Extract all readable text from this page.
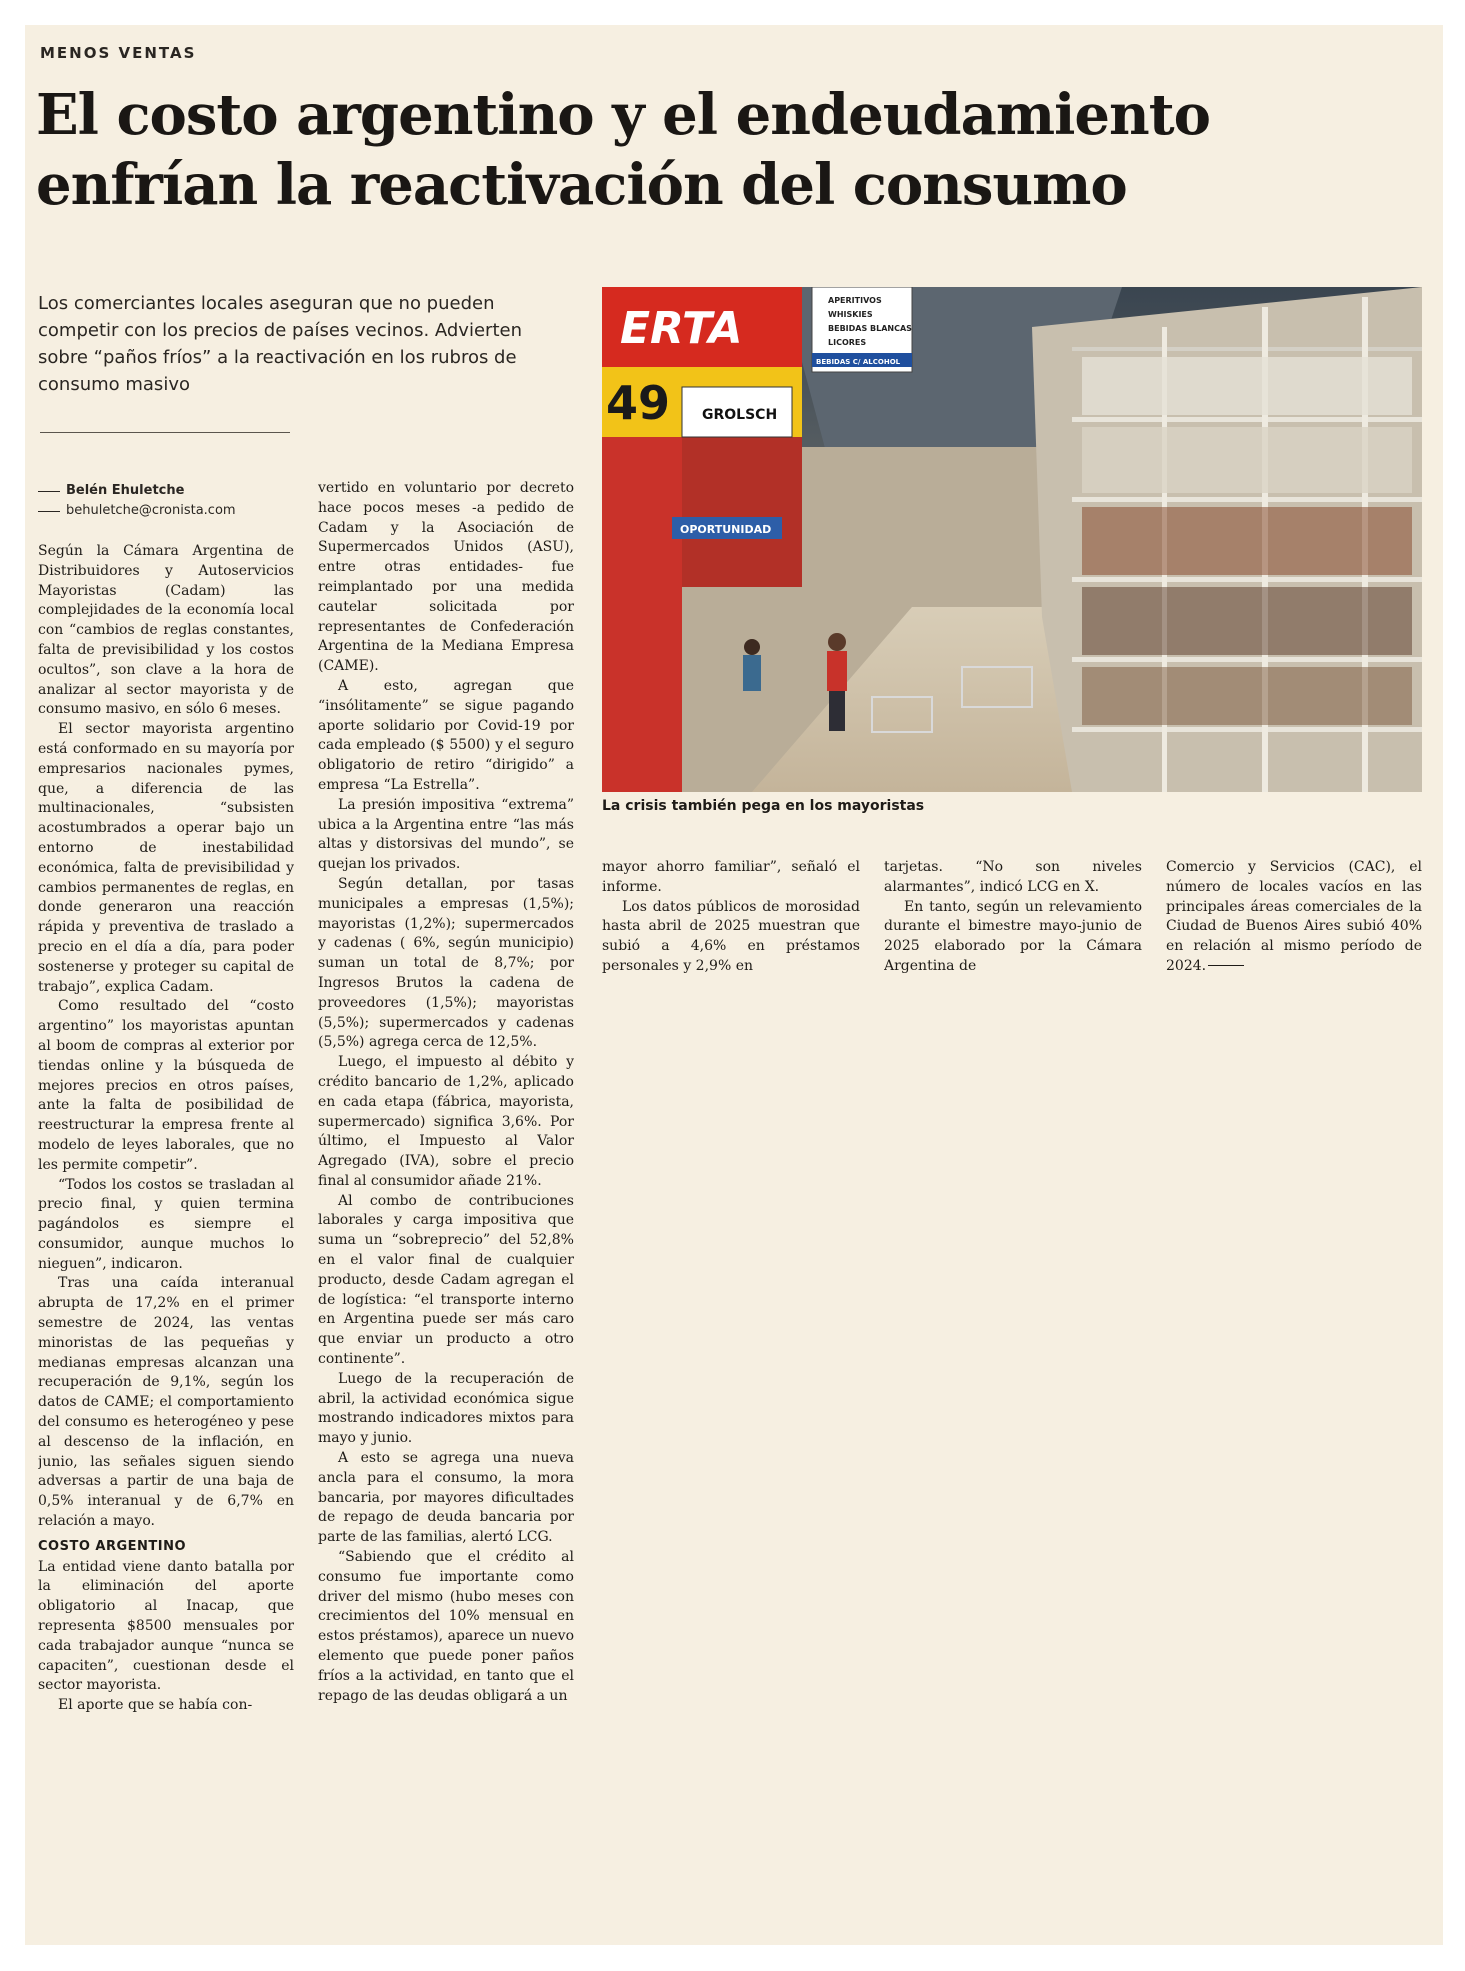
MENOS VENTAS
El costo argentino y el endeudamiento
enfrían la reactivación del consumo
Los comerciantes locales aseguran que no pueden competir con los precios de países vecinos. Advierten sobre “paños fríos” a la reactivación en los rubros de consumo masivo
Belén Ehuletche
behuletche@cronista.com

Según la Cámara Argentina de Distribuidores y Autoservicios Mayoristas (Cadam) las complejidades de la economía local con “cambios de reglas constantes, falta de previsibilidad y los costos ocultos”, son clave a la hora de analizar al sector mayorista y de consumo masivo, en sólo 6 meses.

El sector mayorista argentino está conformado en su mayoría por empresarios nacionales pymes, que, a diferencia de las multinacionales, “subsisten acostumbrados a operar bajo un entorno de inestabilidad económica, falta de previsibilidad y cambios permanentes de reglas, en donde generaron una reacción rápida y preventiva de traslado a precio en el día a día, para poder sostenerse y proteger su capital de trabajo”, explica Cadam.

Como resultado del “costo argentino” los mayoristas apuntan al boom de compras al exterior por tiendas online y la búsqueda de mejores precios en otros países, ante la falta de posibilidad de reestructurar la empresa frente al modelo de leyes laborales, que no les permite competir”.

“Todos los costos se trasladan al precio final, y quien termina pagándolos es siempre el consumidor, aunque muchos lo nieguen”, indicaron.

Tras una caída interanual abrupta de 17,2% en el primer semestre de 2024, las ventas minoristas de las pequeñas y medianas empresas alcanzan una recuperación de 9,1%, según los datos de CAME; el comportamiento del consumo es heterogéneo y pese al descenso de la inflación, en junio, las señales siguen siendo adversas a partir de una baja de 0,5% interanual y de 6,7% en relación a mayo.

COSTO ARGENTINO

La entidad viene danto batalla por la eliminación del aporte obligatorio al Inacap, que representa $8500 mensuales por cada trabajador aunque “nunca se capaciten”, cuestionan desde el sector mayorista.

El aporte que se había con-

vertido en voluntario por decreto hace pocos meses -a pedido de Cadam y la Asociación de Supermercados Unidos (ASU), entre otras entidades- fue reimplantado por una medida cautelar solicitada por representantes de Confederación Argentina de la Mediana Empresa (CAME).

A esto, agregan que “insólitamente” se sigue pagando aporte solidario por Covid-19 por cada empleado ($ 5500) y el seguro obligatorio de retiro “dirigido” a empresa “La Estrella”.

La presión impositiva “extrema” ubica a la Argentina entre “las más altas y distorsivas del mundo”, se quejan los privados.

Según detallan, por tasas municipales a empresas (1,5%); mayoristas (1,2%); supermercados y cadenas ( 6%, según municipio) suman un total de 8,7%; por Ingresos Brutos la cadena de proveedores (1,5%); mayoristas (5,5%); supermercados y cadenas (5,5%) agrega cerca de 12,5%.

Luego, el impuesto al débito y crédito bancario de 1,2%, aplicado en cada etapa (fábrica, mayorista, supermercado) significa 3,6%. Por último, el Impuesto al Valor Agregado (IVA), sobre el precio final al consumidor añade 21%.

Al combo de contribuciones laborales y carga impositiva que suma un “sobreprecio” del 52,8% en el valor final de cualquier producto, desde Cadam agregan el de logística: “el transporte interno en Argentina puede ser más caro que enviar un producto a otro continente”.

Luego de la recuperación de abril, la actividad económica sigue mostrando indicadores mixtos para mayo y junio.

A esto se agrega una nueva ancla para el consumo, la mora bancaria, por mayores dificultades de repago de deuda bancaria por parte de las familias, alertó LCG.

“Sabiendo que el crédito al consumo fue importante como driver del mismo (hubo meses con crecimientos del 10% mensual en estos préstamos), aparece un nuevo elemento que puede poner paños fríos a la actividad, en tanto que el repago de las deudas obligará a un

ERTA
49 GROLSCH
APERITIVOS
WHISKIES
BEBIDAS BLANCAS
LICORES
BEBIDAS C/ ALCOHOL
OPORTUNIDAD
La crisis también pega en los mayoristas

mayor ahorro familiar”, señaló el informe.

Los datos públicos de morosidad hasta abril de 2025 muestran que subió a 4,6% en préstamos personales y 2,9% en

tarjetas. “No son niveles alarmantes”, indicó LCG en X.

En tanto, según un relevamiento durante el bimestre mayo-junio de 2025 elaborado por la Cámara Argentina de

Comercio y Servicios (CAC), el número de locales vacíos en las principales áreas comerciales de la Ciudad de Buenos Aires subió 40% en relación al mismo período de 2024.
